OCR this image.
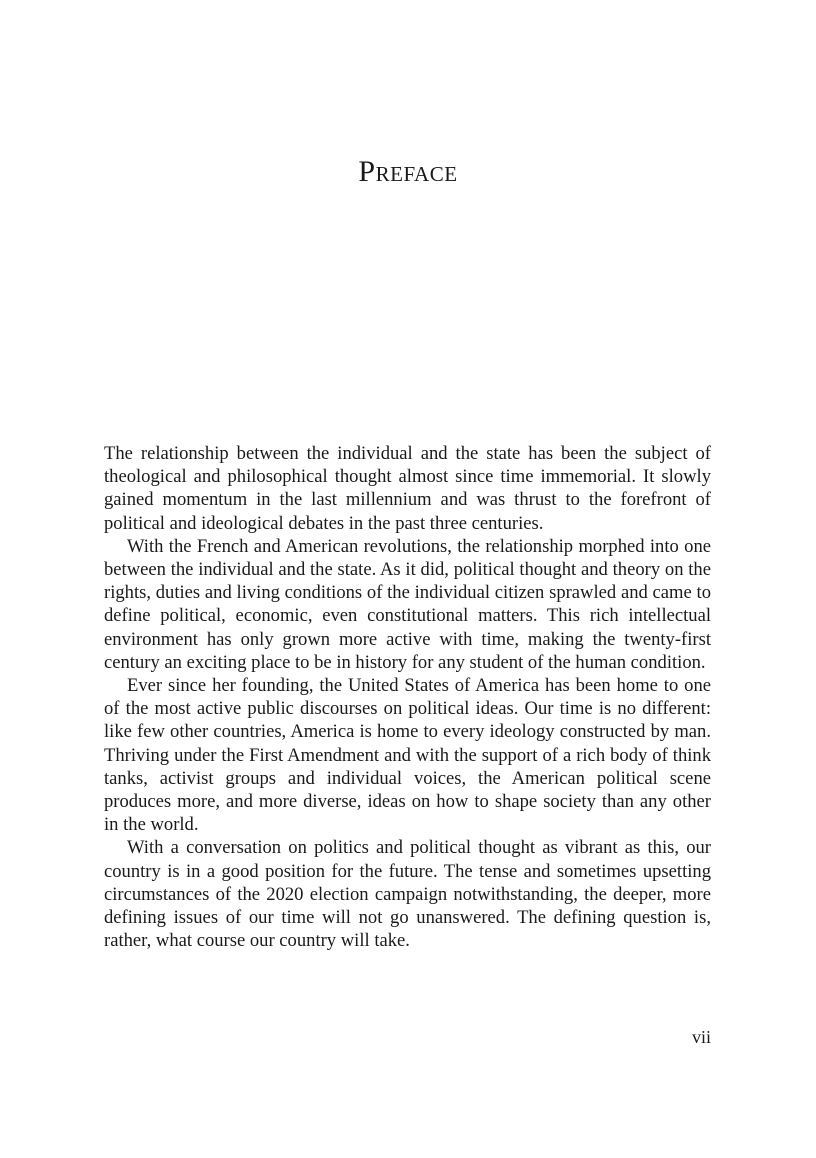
Preface

The relationship between the individual and the state has been the subject of theological and philosophical thought almost since time immemorial. It slowly gained momentum in the last millennium and was thrust to the forefront of political and ideological debates in the past three centuries.

With the French and American revolutions, the relationship morphed into one between the individual and the state. As it did, political thought and theory on the rights, duties and living conditions of the individual citizen sprawled and came to define political, economic, even constitutional matters. This rich intellectual environment has only grown more active with time, making the twenty-first century an exciting place to be in history for any student of the human condition.

Ever since her founding, the United States of America has been home to one of the most active public discourses on political ideas. Our time is no different: like few other countries, America is home to every ideology constructed by man. Thriving under the First Amendment and with the support of a rich body of think tanks, activist groups and individual voices, the American political scene produces more, and more diverse, ideas on how to shape society than any other in the world.

With a conversation on politics and political thought as vibrant as this, our country is in a good position for the future. The tense and sometimes upsetting circumstances of the 2020 election campaign notwithstanding, the deeper, more defining issues of our time will not go unanswered. The defining question is, rather, what course our country will take.

vii
